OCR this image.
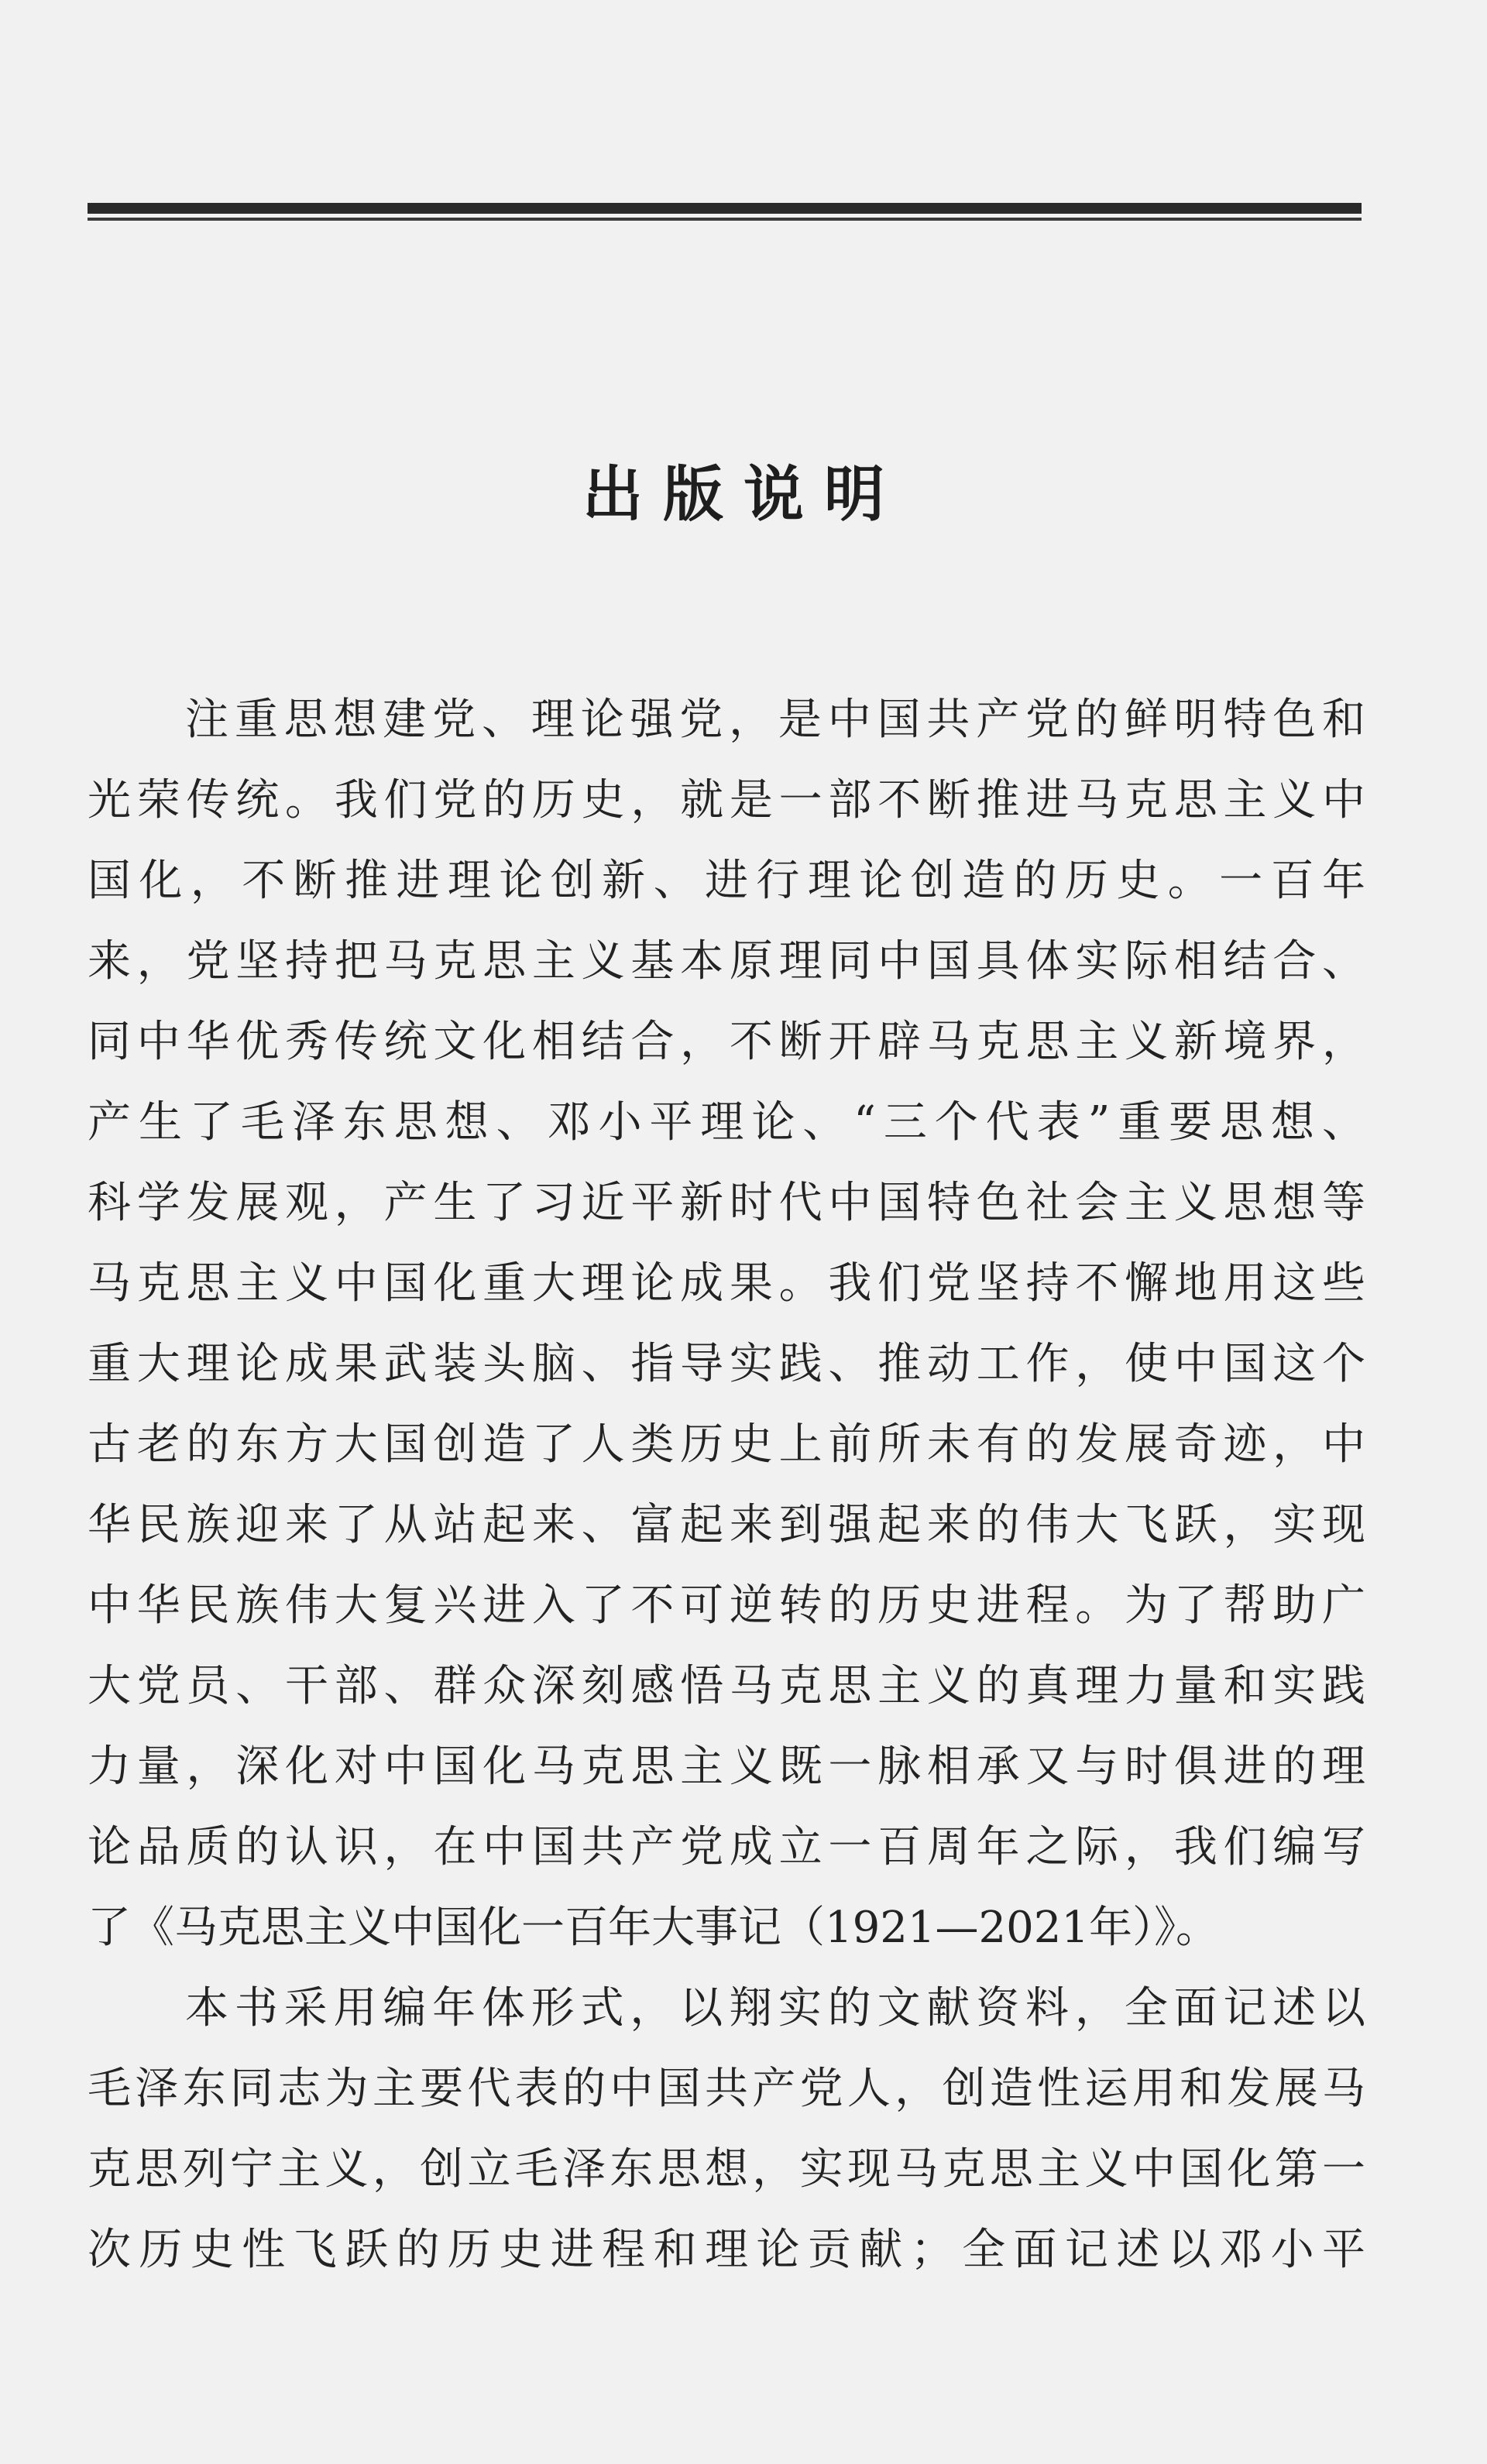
出版说明
注重思想建党、理论强党，是中国共产党的鲜明特色和
光荣传统。我们党的历史，就是一部不断推进马克思主义中
国化，不断推进理论创新、进行理论创造的历史。一百年
来，党坚持把马克思主义基本原理同中国具体实际相结合、
同中华优秀传统文化相结合，不断开辟马克思主义新境界，
产生了毛泽东思想、邓小平理论、“三个代表”重要思想、
科学发展观，产生了习近平新时代中国特色社会主义思想等
马克思主义中国化重大理论成果。我们党坚持不懈地用这些
重大理论成果武装头脑、指导实践、推动工作，使中国这个
古老的东方大国创造了人类历史上前所未有的发展奇迹，中
华民族迎来了从站起来、富起来到强起来的伟大飞跃，实现
中华民族伟大复兴进入了不可逆转的历史进程。为了帮助广
大党员、干部、群众深刻感悟马克思主义的真理力量和实践
力量，深化对中国化马克思主义既一脉相承又与时俱进的理
论品质的认识，在中国共产党成立一百周年之际，我们编写
了《马克思主义中国化一百年大事记（1921—2021年）》。
本书采用编年体形式，以翔实的文献资料，全面记述以
毛泽东同志为主要代表的中国共产党人，创造性运用和发展马
克思列宁主义，创立毛泽东思想，实现马克思主义中国化第一
次历史性飞跃的历史进程和理论贡献；全面记述以邓小平
